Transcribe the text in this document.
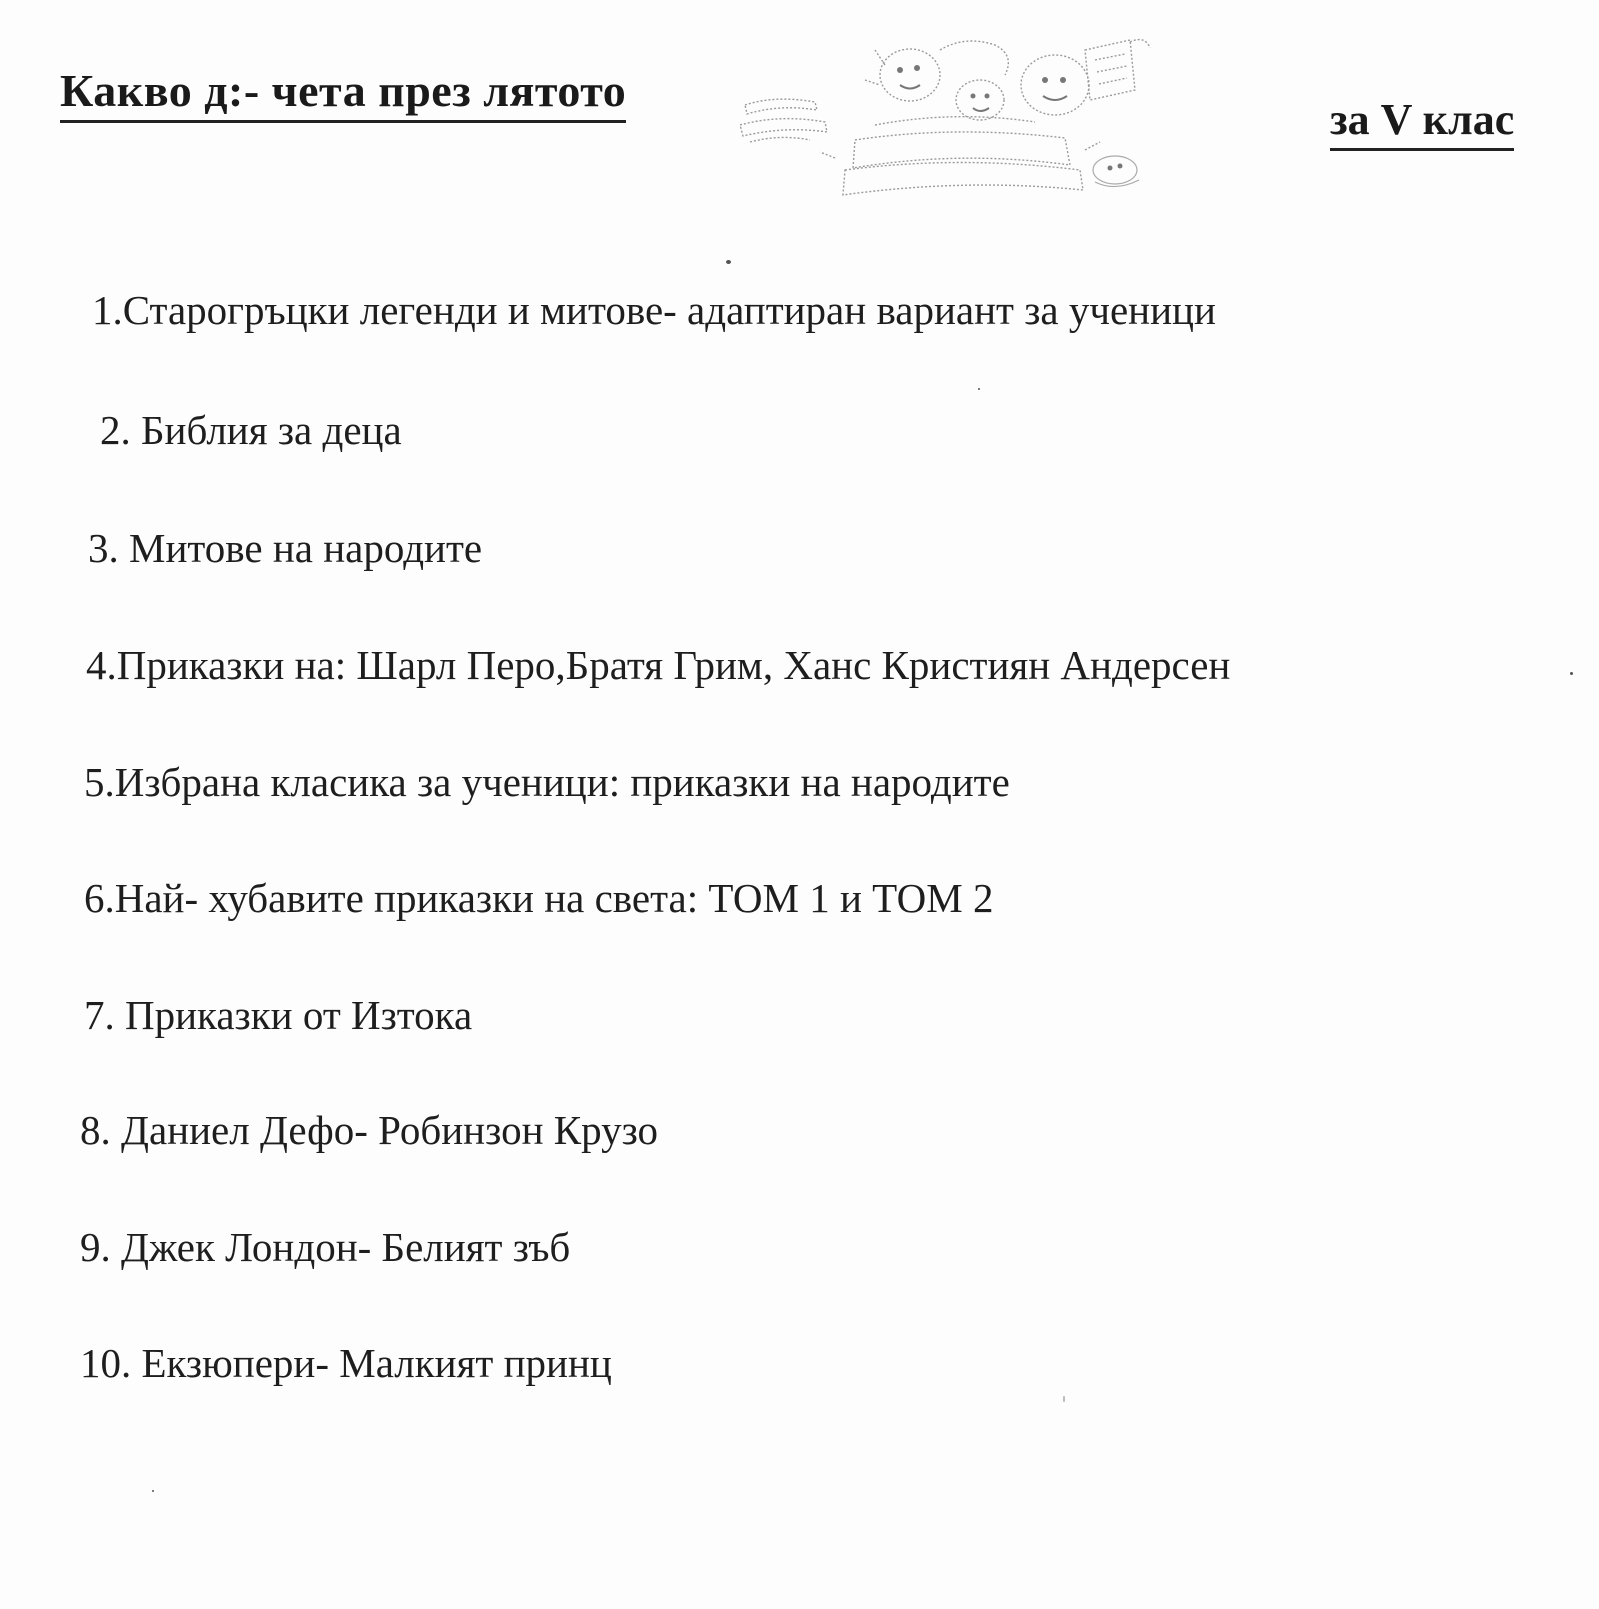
Какво д:- чета през лятото
за V клас
1.Старогръцки легенди и митове- адаптиран вариант за ученици
2. Библия за деца
3. Митове на народите
4.Приказки на: Шарл Перо,Братя Грим, Ханс Кристиян Андерсен
5.Избрана класика за ученици: приказки на народите
6.Най- хубавите приказки на света: ТОМ 1 и ТОМ 2
7. Приказки от Изтока
8. Даниел Дефо- Робинзон Крузо
9. Джек Лондон- Белият зъб
10. Екзюпери- Малкият принц
